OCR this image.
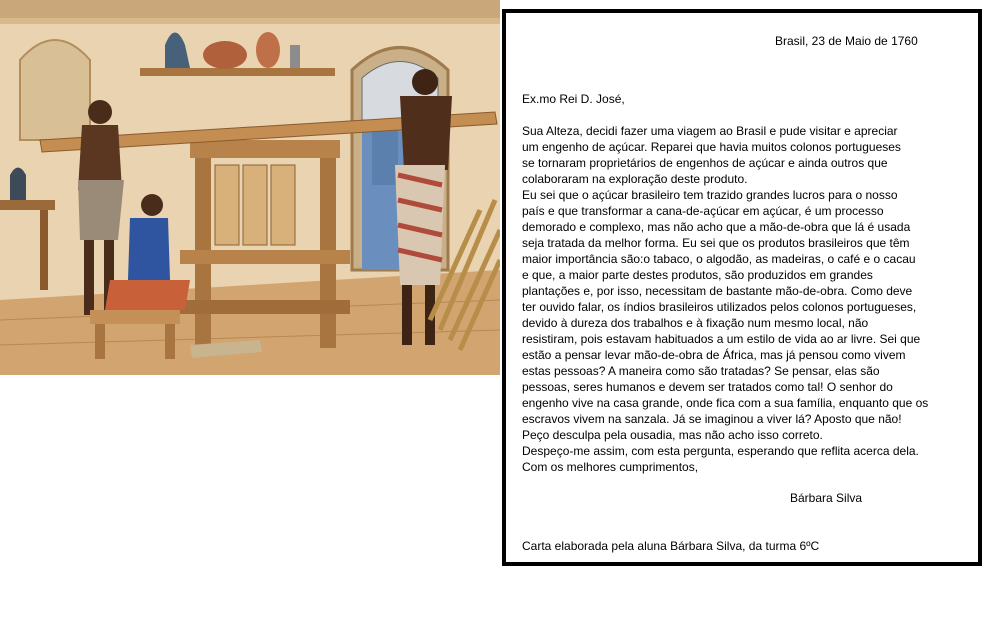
Brasil, 23 de Maio de 1760
Ex.mo Rei D. José,
Sua Alteza, decidi fazer uma viagem ao Brasil e pude visitar e apreciar
um engenho de açúcar. Reparei que havia muitos colonos portugueses
se tornaram proprietários de engenhos de açúcar e ainda outros que
colaboraram na exploração deste produto.
Eu sei que o açúcar brasileiro tem trazido grandes lucros para o nosso
país e que transformar a cana-de-açúcar em açúcar, é um processo
demorado e complexo, mas não acho que a mão-de-obra que lá é usada
seja tratada da melhor forma. Eu sei que os produtos brasileiros que têm
maior importância são:o tabaco, o algodão, as madeiras, o café e o cacau
e que, a maior parte destes produtos, são produzidos em grandes
plantações e, por isso, necessitam de bastante mão-de-obra. Como deve
ter ouvido falar, os índios brasileiros utilizados pelos colonos portugueses,
devido à dureza dos trabalhos e à fixação num mesmo local, não
resistiram, pois estavam habituados a um estilo de vida ao ar livre. Sei que
estão a pensar levar mão-de-obra de África, mas já pensou como vivem
estas pessoas? A maneira como são tratadas? Se pensar, elas são
pessoas, seres humanos e devem ser tratados como tal! O senhor do
engenho vive na casa grande, onde fica com a sua família, enquanto que os
escravos vivem na sanzala. Já se imaginou a viver lá? Aposto que não!
Peço desculpa pela ousadia, mas não acho isso correto.
Despeço-me assim, com esta pergunta, esperando que reflita acerca dela.
Com os melhores cumprimentos,
Bárbara Silva
Carta elaborada pela aluna Bárbara Silva, da turma 6ºC
